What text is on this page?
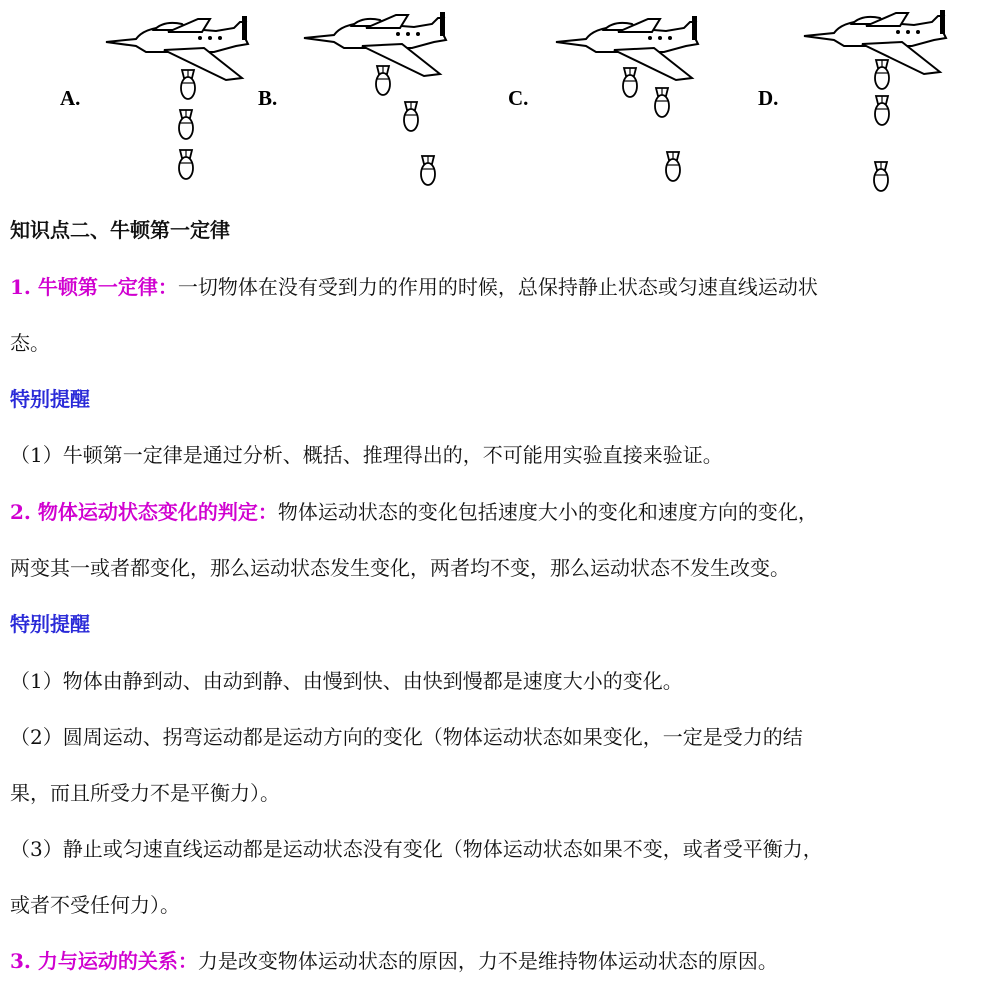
A.	B.	C.	D.
知识点二、牛顿第一定律
1. 牛顿第一定律：一切物体在没有受到力的作用的时候，总保持静止状态或匀速直线运动状
态。
特别提醒
（1）牛顿第一定律是通过分析、概括、推理得出的，不可能用实验直接来验证。
2. 物体运动状态变化的判定：物体运动状态的变化包括速度大小的变化和速度方向的变化，
两变其一或者都变化，那么运动状态发生变化，两者均不变，那么运动状态不发生改变。
特别提醒
（1）物体由静到动、由动到静、由慢到快、由快到慢都是速度大小的变化。
（2）圆周运动、拐弯运动都是运动方向的变化（物体运动状态如果变化，一定是受力的结
果，而且所受力不是平衡力）。
（3）静止或匀速直线运动都是运动状态没有变化（物体运动状态如果不变，或者受平衡力，
或者不受任何力）。
3. 力与运动的关系：力是改变物体运动状态的原因，力不是维持物体运动状态的原因。
